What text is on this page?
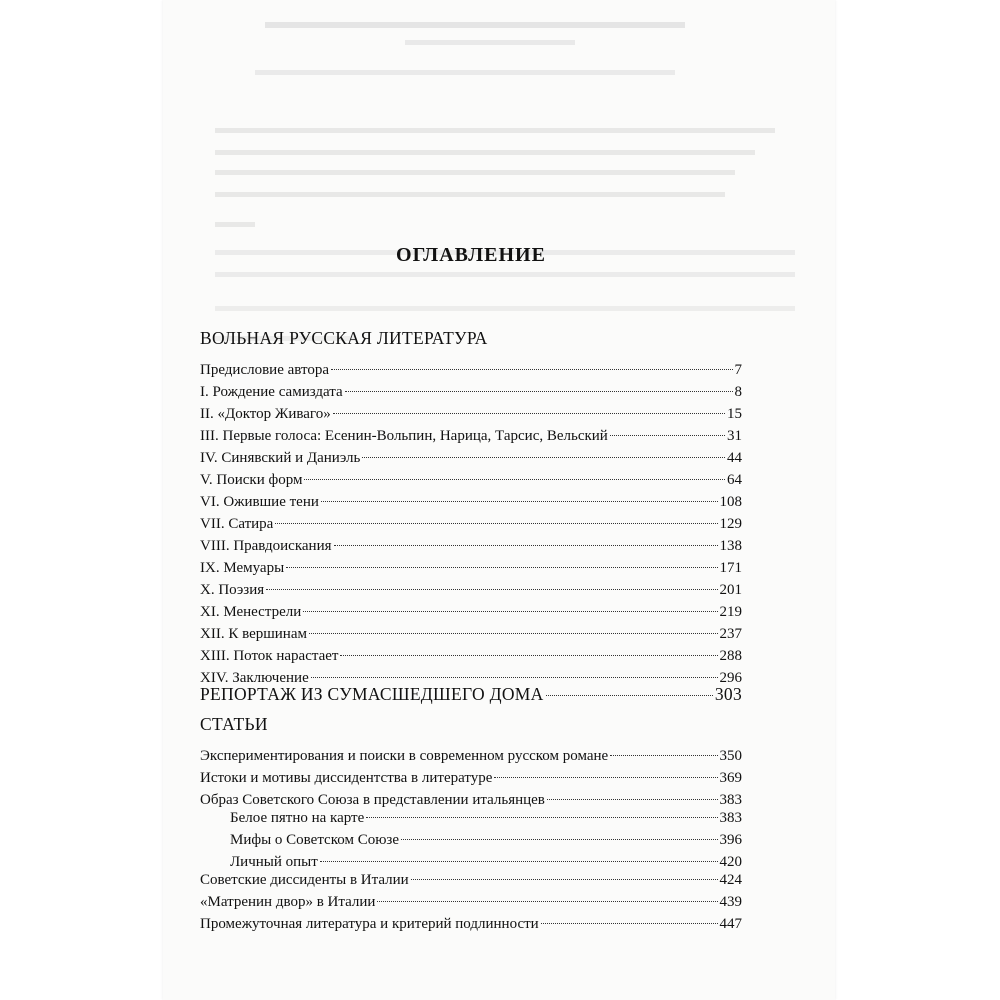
ОГЛАВЛЕНИЕ
ВОЛЬНАЯ РУССКАЯ ЛИТЕРАТУРА
Предисловие автора	7
I. Рождение самиздата	8
II. «Доктор Живаго»	15
III. Первые голоса: Есенин-Вольпин, Нарица, Тарсис, Вельский	31
IV. Синявский и Даниэль	44
V. Поиски форм	64
VI. Ожившие тени	108
VII. Сатира	129
VIII. Правдоискания	138
IX. Мемуары	171
X. Поэзия	201
XI. Менестрели	219
XII. К вершинам	237
XIII. Поток нарастает	288
XIV. Заключение	296
РЕПОРТАЖ ИЗ СУМАСШЕДШЕГО ДОМА	303
СТАТЬИ
Экспериментирования и поиски в современном русском романе	350
Истоки и мотивы диссидентства в литературе	369
Образ Советского Союза в представлении итальянцев	383
Белое пятно на карте	383
Мифы о Советском Союзе	396
Личный опыт	420
Советские диссиденты в Италии	424
«Матренин двор» в Италии	439
Промежуточная литература и критерий подлинности	447
